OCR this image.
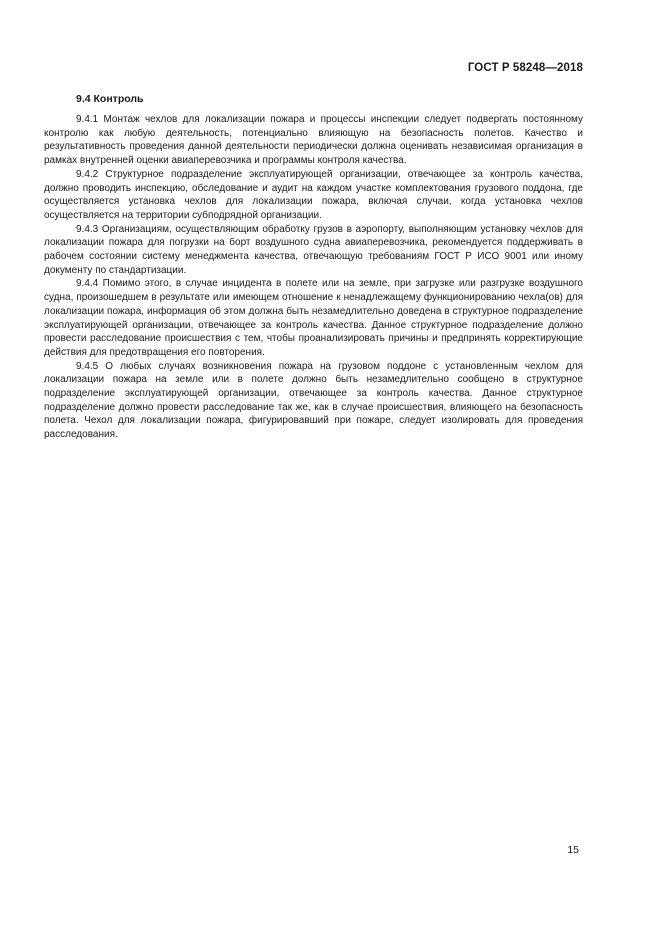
ГОСТ Р 58248—2018
9.4 Контроль

9.4.1 Монтаж чехлов для локализации пожара и процессы инспекции следует подвергать постоянному контролю как любую деятельность, потенциально влияющую на безопасность полетов. Качество и результативность проведения данной деятельности периодически должна оценивать независимая организация в рамках внутренней оценки авиаперевозчика и программы контроля качества.

9.4.2 Структурное подразделение эксплуатирующей организации, отвечающее за контроль качества, должно проводить инспекцию, обследование и аудит на каждом участке комплектования грузового поддона, где осуществляется установка чехлов для локализации пожара, включая случаи, когда установка чехлов осуществляется на территории субподрядной организации.

9.4.3 Организациям, осуществляющим обработку грузов в аэропорту, выполняющим установку чехлов для локализации пожара для погрузки на борт воздушного судна авиаперевозчика, рекомендуется поддерживать в рабочем состоянии систему менеджмента качества, отвечающую требованиям ГОСТ Р ИСО 9001 или иному документу по стандартизации.

9.4.4 Помимо этого, в случае инцидента в полете или на земле, при загрузке или разгрузке воздушного судна, произошедшем в результате или имеющем отношение к ненадлежащему функционированию чехла(ов) для локализации пожара, информация об этом должна быть незамедлительно доведена в структурное подразделение эксплуатирующей организации, отвечающее за контроль качества. Данное структурное подразделение должно провести расследование происшествия с тем, чтобы проанализировать причины и предпринять корректирующие действия для предотвращения его повторения.

9.4.5 О любых случаях возникновения пожара на грузовом поддоне с установленным чехлом для локализации пожара на земле или в полете должно быть незамедлительно сообщено в структурное подразделение эксплуатирующей организации, отвечающее за контроль качества. Данное структурное подразделение должно провести расследование так же, как в случае происшествия, влияющего на безопасность полета. Чехол для локализации пожара, фигурировавший при пожаре, следует изолировать для проведения расследования.

15
